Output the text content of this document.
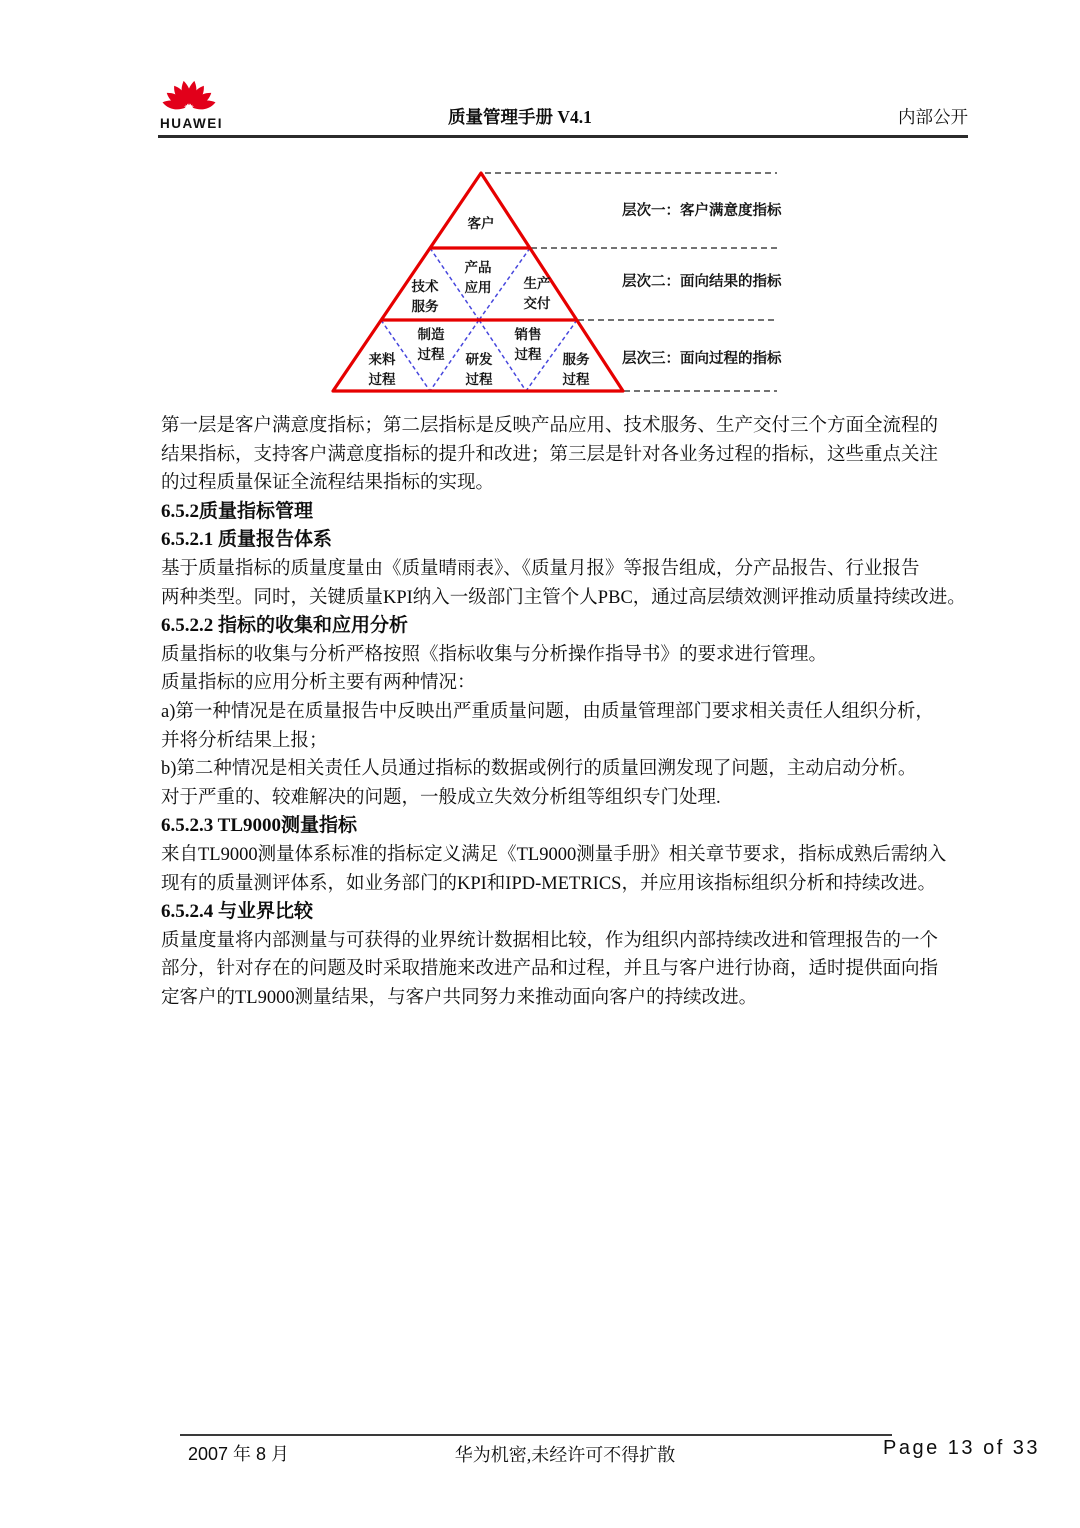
HUAWEI	质量管理手册 V4.1	内部公开
客户
产品
应用
技术
服务
生产
交付
制造
过程
销售
过程
来料
过程
研发
过程
服务
过程
层次一：客户满意度指标
层次二：面向结果的指标
层次三：面向过程的指标
第一层是客户满意度指标；第二层指标是反映产品应用、技术服务、生产交付三个方面全流程的
结果指标，支持客户满意度指标的提升和改进；第三层是针对各业务过程的指标，这些重点关注
的过程质量保证全流程结果指标的实现。
6.5.2质量指标管理
6.5.2.1 质量报告体系
基于质量指标的质量度量由《质量晴雨表》、《质量月报》等报告组成，分产品报告、行业报告
两种类型。同时，关键质量KPI纳入一级部门主管个人PBC，通过高层绩效测评推动质量持续改进。
6.5.2.2 指标的收集和应用分析
质量指标的收集与分析严格按照《指标收集与分析操作指导书》的要求进行管理。
质量指标的应用分析主要有两种情况：
a)第一种情况是在质量报告中反映出严重质量问题，由质量管理部门要求相关责任人组织分析，
并将分析结果上报；
b)第二种情况是相关责任人员通过指标的数据或例行的质量回溯发现了问题，主动启动分析。
对于严重的、较难解决的问题，一般成立失效分析组等组织专门处理.
6.5.2.3 TL9000测量指标
来自TL9000测量体系标准的指标定义满足《TL9000测量手册》相关章节要求，指标成熟后需纳入
现有的质量测评体系，如业务部门的KPI和IPD-METRICS，并应用该指标组织分析和持续改进。
6.5.2.4 与业界比较
质量度量将内部测量与可获得的业界统计数据相比较，作为组织内部持续改进和管理报告的一个
部分，针对存在的问题及时采取措施来改进产品和过程，并且与客户进行协商，适时提供面向指
定客户的TL9000测量结果，与客户共同努力来推动面向客户的持续改进。
2007 年 8 月	华为机密,未经许可不得扩散	Page 13 of 33
